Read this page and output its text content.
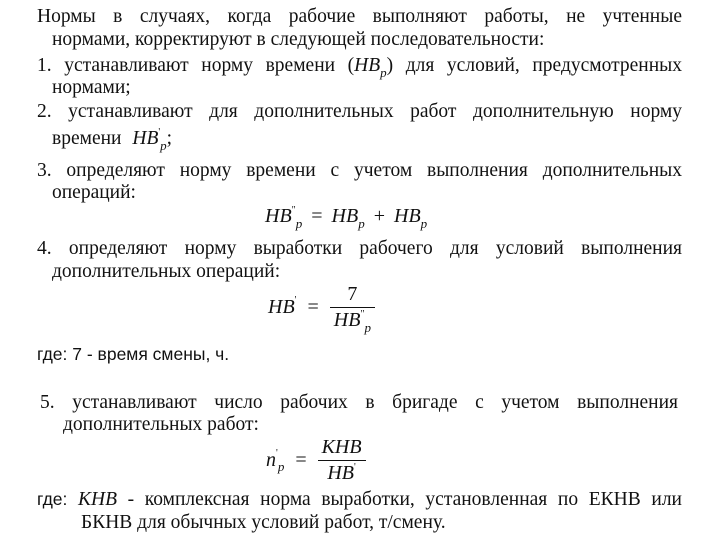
Нормы в случаях, когда рабочие выполняют работы, не учтенные
нормами, корректируют в следующей последовательности:
1. устанавливают норму времени $(НВ_р)$ для условий, предусмотренных
нормами;
2. устанавливают для дополнительных работ дополнительную норму
времени $НВ'_р$;
3. определяют норму времени с учетом выполнения дополнительных
операций:
$НВ^"_р = НВ_р + НВ_р$
4. определяют норму выработки рабочего для условий выполнения
дополнительных операций:
$НВ' = \frac{7}{НВ^"_р}$
где: 7 - время смены, ч.
5. устанавливают число рабочих в бригаде с учетом выполнения
дополнительных работ:
$n'_р = \frac{\text{КНВ}}{НВ'}$
где: КНВ - комплексная норма выработки, установленная по ЕКНВ или
БКНВ для обычных условий работ, т/смену.
